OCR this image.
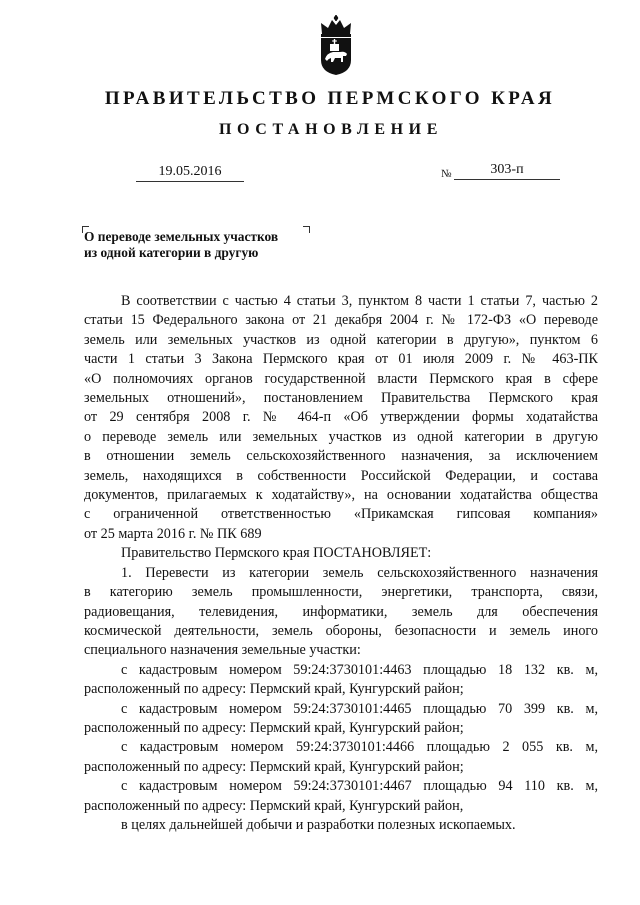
ПРАВИТЕЛЬСТВО ПЕРМСКОГО КРАЯ
ПОСТАНОВЛЕНИЕ
19.05.2016	№	303-п
О переводе земельных участков
из одной категории в другую
В соответствии с частью 4 статьи 3, пунктом 8 части 1 статьи 7, частью 2
статьи 15 Федерального закона от 21 декабря 2004 г. № 172-ФЗ «О переводе
земель или земельных участков из одной категории в другую», пунктом 6
части 1 статьи 3 Закона Пермского края от 01 июля 2009 г. № 463-ПК
«О полномочиях органов государственной власти Пермского края в сфере
земельных отношений», постановлением Правительства Пермского края
от 29 сентября 2008 г. № 464-п «Об утверждении формы ходатайства
о переводе земель или земельных участков из одной категории в другую
в отношении земель сельскохозяйственного назначения, за исключением
земель, находящихся в собственности Российской Федерации, и состава
документов, прилагаемых к ходатайству», на основании ходатайства общества
с ограниченной ответственностью «Прикамская гипсовая компания»
от 25 марта 2016 г. № ПК 689
Правительство Пермского края ПОСТАНОВЛЯЕТ:
1. Перевести из категории земель сельскохозяйственного назначения
в категорию земель промышленности, энергетики, транспорта, связи,
радиовещания, телевидения, информатики, земель для обеспечения
космической деятельности, земель обороны, безопасности и земель иного
специального назначения земельные участки:
с кадастровым номером 59:24:3730101:4463 площадью 18 132 кв. м,
расположенный по адресу: Пермский край, Кунгурский район;
с кадастровым номером 59:24:3730101:4465 площадью 70 399 кв. м,
расположенный по адресу: Пермский край, Кунгурский район;
с кадастровым номером 59:24:3730101:4466 площадью 2 055 кв. м,
расположенный по адресу: Пермский край, Кунгурский район;
с кадастровым номером 59:24:3730101:4467 площадью 94 110 кв. м,
расположенный по адресу: Пермский край, Кунгурский район,
в целях дальнейшей добычи и разработки полезных ископаемых.
